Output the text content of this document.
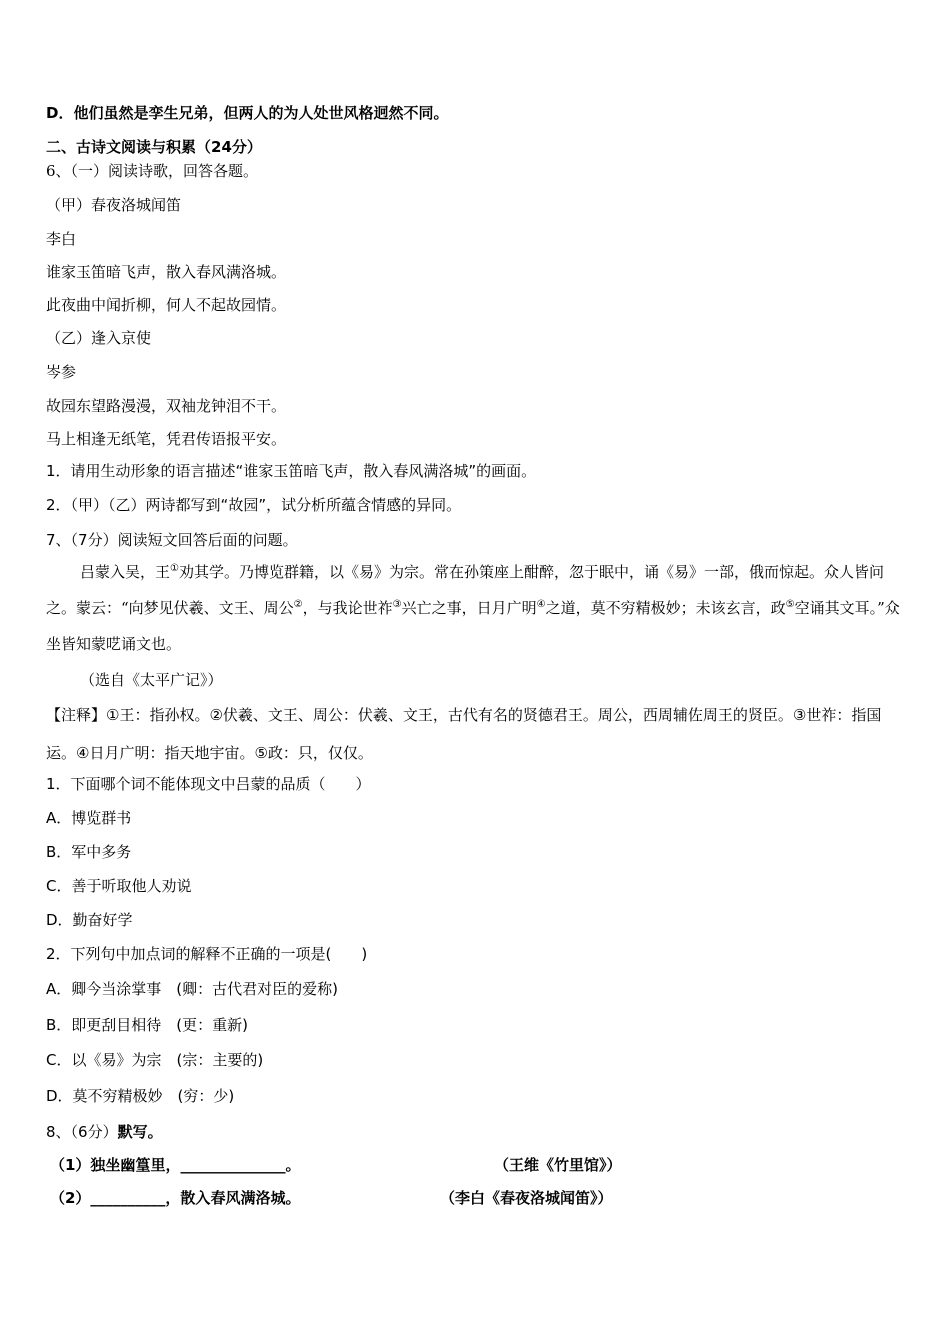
D．他们虽然是孪生兄弟，但两人的为人处世风格迥然不同。
二、古诗文阅读与积累（24分）
6、（一）阅读诗歌，回答各题。
（甲）春夜洛城闻笛
李白
谁家玉笛暗飞声，散入春风满洛城。
此夜曲中闻折柳，何人不起故园情。
（乙）逢入京使
岑参
故园东望路漫漫，双袖龙钟泪不干。
马上相逢无纸笔，凭君传语报平安。
1．请用生动形象的语言描述“谁家玉笛暗飞声，散入春风满洛城”的画面。
2．（甲）（乙）两诗都写到“故园”，试分析所蕴含情感的异同。
7、（7分）阅读短文回答后面的问题。
吕蒙入吴，王①劝其学。乃博览群籍，以《易》为宗。常在孙策座上酣醉，忽于眠中，诵《易》一部，俄而惊起。众人皆问之。蒙云：“向梦见伏羲、文王、周公②，与我论世祚③兴亡之事，日月广明④之道，莫不穷精极妙；未该玄言，政⑤空诵其文耳。”众坐皆知蒙呓诵文也。
（选自《太平广记》）
【注释】①王：指孙权。②伏羲、文王、周公：伏羲、文王，古代有名的贤德君王。周公，西周辅佐周王的贤臣。③世祚：指国运。④日月广明：指天地宇宙。⑤政：只，仅仅。
1．下面哪个词不能体现文中吕蒙的品质（　　）
A．博览群书
B．军中多务
C．善于听取他人劝说
D．勤奋好学
2．下列句中加点词的解释不正确的一项是(　　)
A．卿今当涂掌事　(卿：古代君对臣的爱称)
B．即更刮目相待　(更：重新)
C．以《易》为宗　(宗：主要的)
D．莫不穷精极妙　(穷：少)
8、（6分）默写。
（1）独坐幽篁里，______________。	（王维《竹里馆》）
（2）__________，散入春风满洛城。	（李白《春夜洛城闻笛》）
